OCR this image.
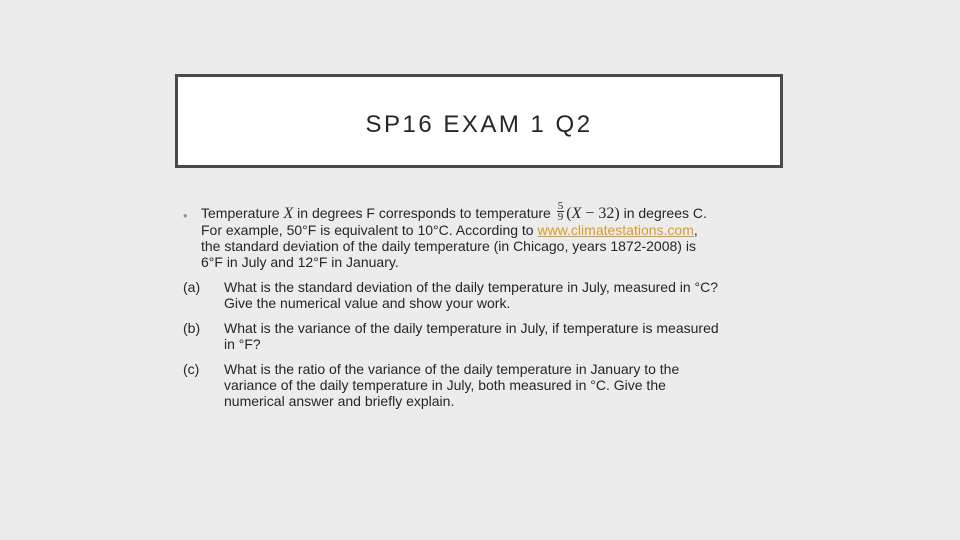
SP16 EXAM 1 Q2
• Temperature X in degrees F corresponds to temperature $\frac{5}{9} (X - 32)$ in degrees C.
For example, 50°F is equivalent to 10°C. According to www.climatestations.com,
the standard deviation of the daily temperature (in Chicago, years 1872-2008) is
6°F in July and 12°F in January.
(a)	What is the standard deviation of the daily temperature in July, measured in °C?
Give the numerical value and show your work.
(b)	What is the variance of the daily temperature in July, if temperature is measured
in °F?
(c)	What is the ratio of the variance of the daily temperature in January to the
variance of the daily temperature in July, both measured in °C. Give the
numerical answer and briefly explain.
